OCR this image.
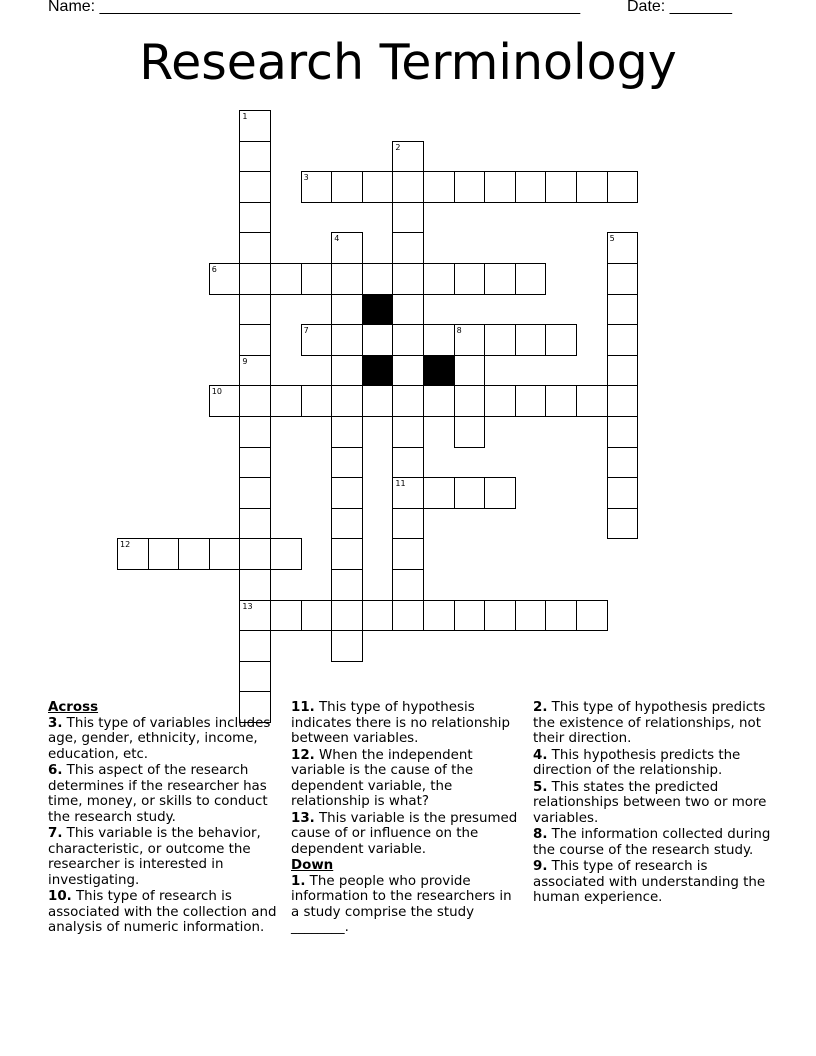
Name: ______________________________________________________	Date: _______
Research Terminology
1
9
13
2
11
3
4	5
6
7	8
10
12
Across
3. This type of variables includes age, gender, ethnicity, income, education, etc.
6. This aspect of the research determines if the researcher has time, money, or skills to conduct the research study.
7. This variable is the behavior, characteristic, or outcome the researcher is interested in investigating.
10. This type of research is associated with the collection and analysis of numeric information.
11. This type of hypothesis indicates there is no relationship between variables.
12. When the independent variable is the cause of the dependent variable, the relationship is what?
13. This variable is the presumed cause of or influence on the dependent variable.
Down
1. The people who provide information to the researchers in a study comprise the study ________.
2. This type of hypothesis predicts the existence of relationships, not their direction.
4. This hypothesis predicts the direction of the relationship.
5. This states the predicted relationships between two or more variables.
8. The information collected during the course of the research study.
9. This type of research is associated with understanding the human experience.
